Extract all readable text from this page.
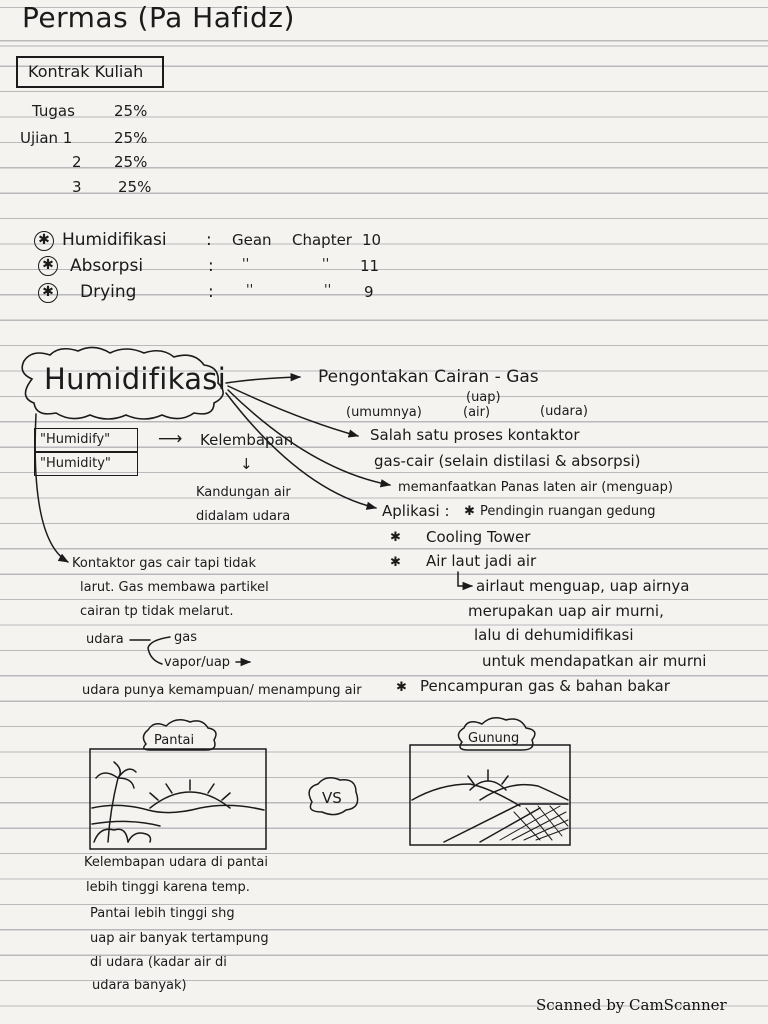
Permas (Pa Hafidz)
Kontrak Kuliah
Tugas	25%
Ujian 1	25%
2 25%
3 25%
✱ Humidifikasi : Gean Chapter 10
✱ Absorpsi	: ''	'' 11
✱ Drying	: ''	'' 9
Humidifikasi	Pengontakan Cairan - Gas
(uap)
(umumnya)	(air)	(udara)
"Humidify"
"Humidity"
⟶ Kelembapan
↓
Kandungan air
didalam udara
Salah satu proses kontaktor
gas-cair (selain distilasi & absorpsi)
memanfaatkan Panas laten air (menguap)
Aplikasi : ✱ Pendingin ruangan gedung
✱ Cooling Tower
✱ Air laut jadi air
airlaut menguap, uap airnya
merupakan uap air murni,
lalu di dehumidifikasi
untuk mendapatkan air murni
✱ Pencampuran gas & bahan bakar
Kontaktor gas cair tapi tidak
larut. Gas membawa partikel
cairan tp tidak melarut.
udara	gas
vapor/uap
udara punya kemampuan/ menampung air
Pantai	Gunung
VS
Kelembapan udara di pantai
lebih tinggi karena temp.
Pantai lebih tinggi shg
uap air banyak tertampung
di udara (kadar air di
udara banyak)
Scanned by CamScanner
